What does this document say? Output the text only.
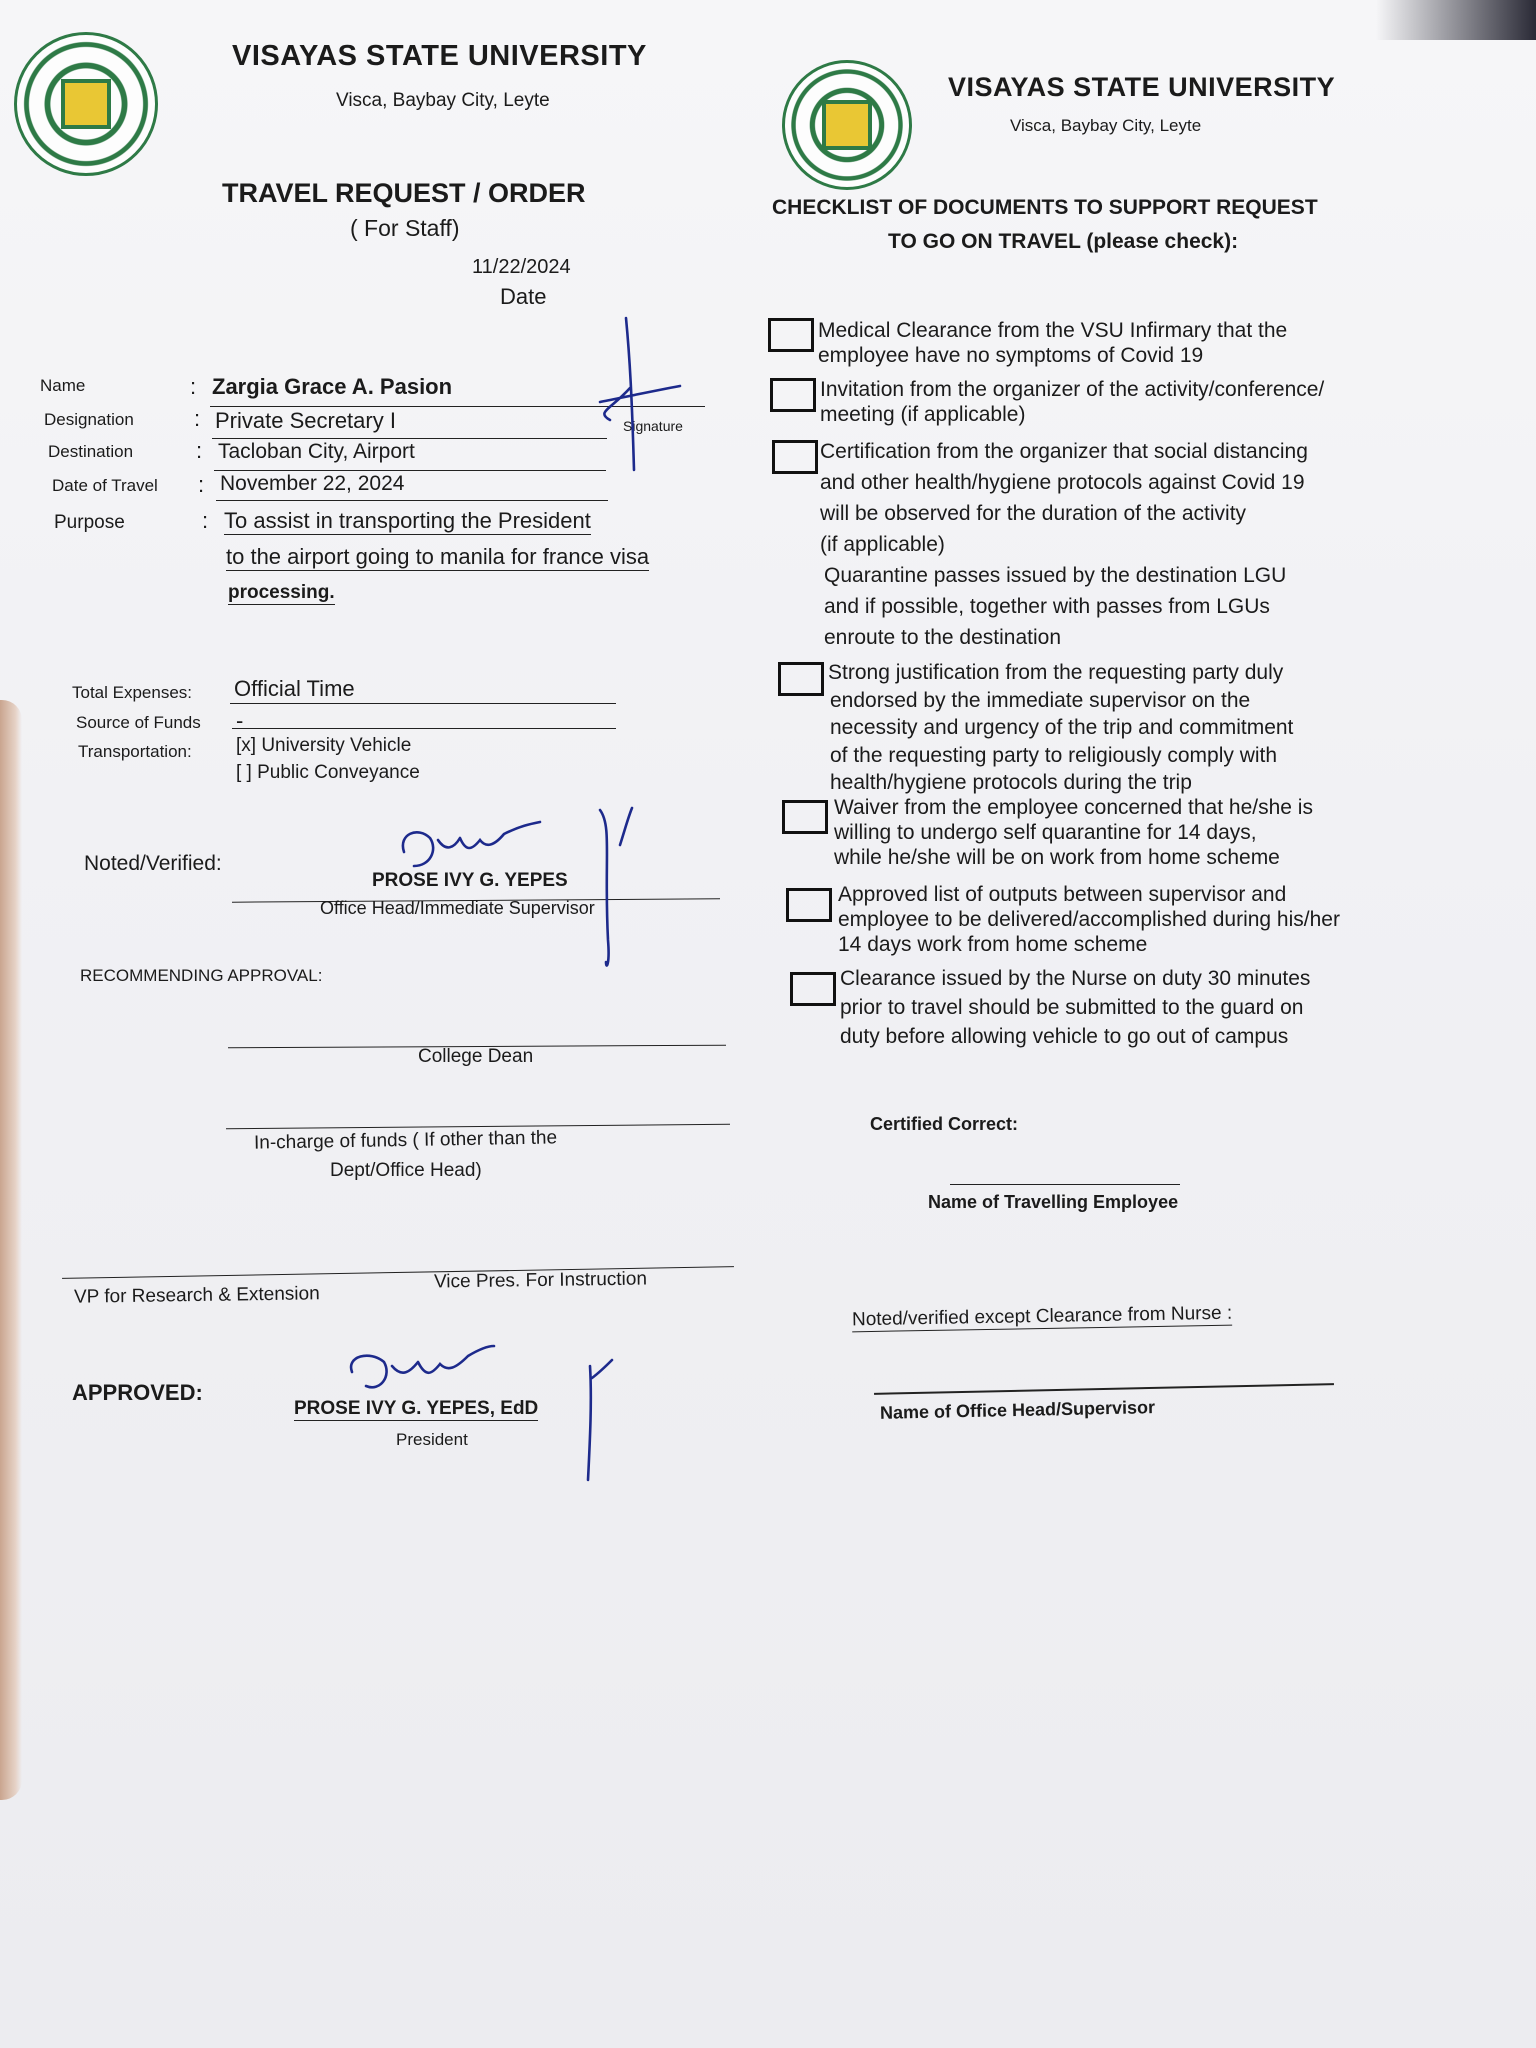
VISAYAS STATE UNIVERSITY
Visca, Baybay City, Leyte
TRAVEL REQUEST / ORDER
( For Staff)
11/22/2024
Date
Name	: Zargia Grace A. Pasion
Signature
Designation	: Private Secretary I
Destination	: Tacloban City, Airport
Date of Travel : November 22, 2024
Purpose	: To assist in transporting the President
to the airport going to manila for france visa
processing.
Total Expenses: Official Time
Source of Funds -
Transportation: [x] University Vehicle
[ ] Public Conveyance
Noted/Verified:
PROSE IVY G. YEPES
Office Head/Immediate Supervisor
RECOMMENDING APPROVAL:
College Dean
In-charge of funds ( If other than the
Dept/Office Head)
VP for Research & Extension
Vice Pres. For Instruction
APPROVED:
PROSE IVY G. YEPES, EdD
President
VISAYAS STATE UNIVERSITY
Visca, Baybay City, Leyte
CHECKLIST OF DOCUMENTS TO SUPPORT REQUEST
TO GO ON TRAVEL (please check):
Medical Clearance from the VSU Infirmary that the
employee have no symptoms of Covid 19
Invitation from the organizer of the activity/conference/
meeting (if applicable)
Certification from the organizer that social distancing
and other health/hygiene protocols against Covid 19
will be observed for the duration of the activity
(if applicable)
Quarantine passes issued by the destination LGU
and if possible, together with passes from LGUs
enroute to the destination
Strong justification from the requesting party duly
endorsed by the immediate supervisor on the
necessity and urgency of the trip and commitment
of the requesting party to religiously comply with
health/hygiene protocols during the trip
Waiver from the employee concerned that he/she is
willing to undergo self quarantine for 14 days,
while he/she will be on work from home scheme
Approved list of outputs between supervisor and
employee to be delivered/accomplished during his/her
14 days work from home scheme
Clearance issued by the Nurse on duty 30 minutes
prior to travel should be submitted to the guard on
duty before allowing vehicle to go out of campus
Certified Correct:
Name of Travelling Employee
Noted/verified except Clearance from Nurse :
Name of Office Head/Supervisor
